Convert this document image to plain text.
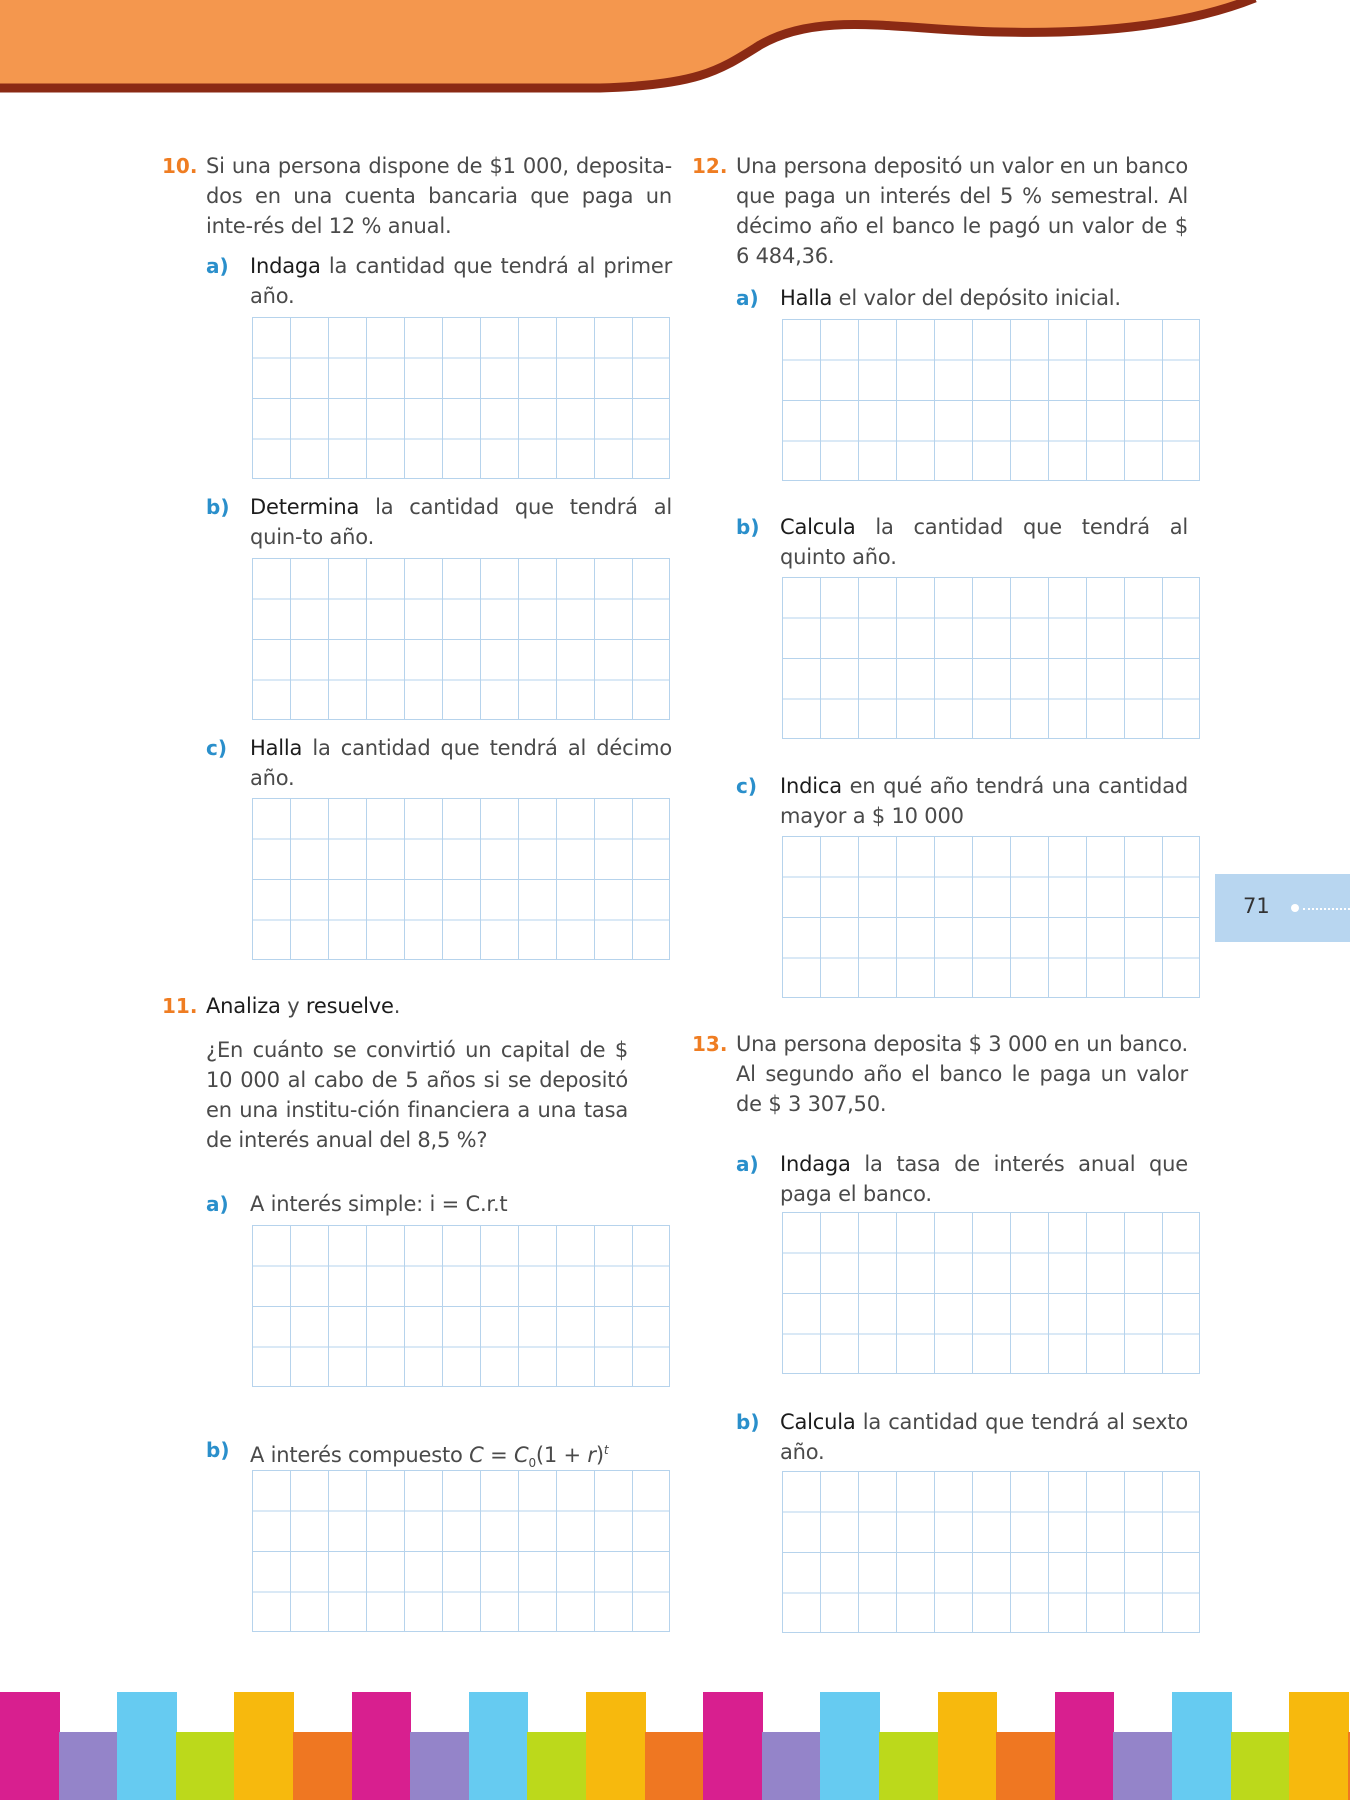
10. Si una persona dispone de $1 000, deposita-dos en una cuenta bancaria que paga un inte-rés del 12 % anual.

a) Indaga la cantidad que tendrá al primer año.

b) Determina la cantidad que tendrá al quin-to año.

c) Halla la cantidad que tendrá al décimo año.

11. Analiza y resuelve.

¿En cuánto se convirtió un capital de $ 10 000 al cabo de 5 años si se depositó en una institu-ción financiera a una tasa de interés anual del 8,5 %?

a) A interés simple: i = C.r.t

b) A interés compuesto $C = C_0(1 + r)^t$

12. Una persona depositó un valor en un banco que paga un interés del 5 % semestral. Al décimo año el banco le pagó un valor de $ 6 484,36.

a) Halla el valor del depósito inicial.

b) Calcula la cantidad que tendrá al quinto año.

c) Indica en qué año tendrá una cantidad mayor a $ 10 000

13. Una persona deposita $ 3 000 en un banco. Al segundo año el banco le paga un valor de $ 3 307,50.

a) Indaga la tasa de interés anual que paga el banco.

b) Calcula la cantidad que tendrá al sexto año.

71
